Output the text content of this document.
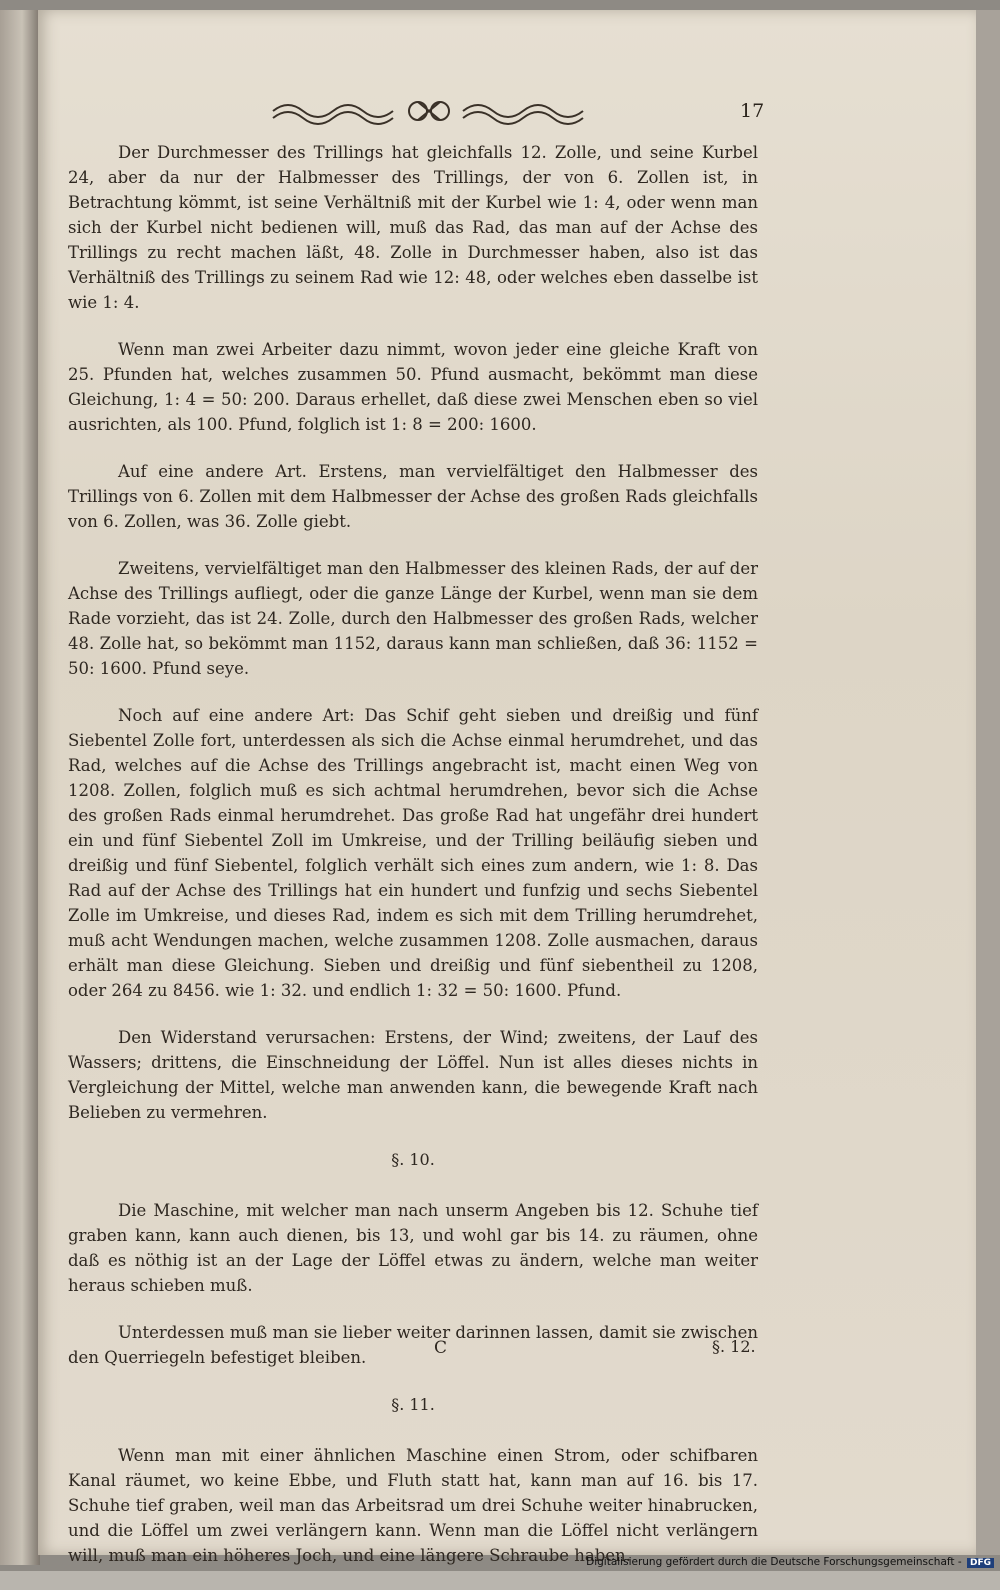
​
17

Der Durchmesser des Trillings hat gleichfalls 12. Zolle, und seine Kurbel 24, aber da nur der Halbmesser des Trillings, der von 6. Zollen ist, in Betrachtung kömmt, ist seine Verhältniß mit der Kurbel wie 1: 4, oder wenn man sich der Kurbel nicht bedienen will, muß das Rad, das man auf der Achse des Trillings zu recht machen läßt, 48. Zolle in Durchmesser haben, also ist das Verhältniß des Trillings zu seinem Rad wie 12: 48, oder welches eben dasselbe ist wie 1: 4.

Wenn man zwei Arbeiter dazu nimmt, wovon jeder eine gleiche Kraft von 25. Pfunden hat, welches zusammen 50. Pfund ausmacht, bekömmt man diese Gleichung, 1: 4 = 50: 200. Daraus erhellet, daß diese zwei Menschen eben so viel ausrichten, als 100. Pfund, folglich ist 1: 8 = 200: 1600.

Auf eine andere Art. Erstens, man vervielfältiget den Halbmesser des Trillings von 6. Zollen mit dem Halbmesser der Achse des großen Rads gleichfalls von 6. Zollen, was 36. Zolle giebt.

Zweitens, vervielfältiget man den Halbmesser des kleinen Rads, der auf der Achse des Trillings aufliegt, oder die ganze Länge der Kurbel, wenn man sie dem Rade vorzieht, das ist 24. Zolle, durch den Halbmesser des großen Rads, welcher 48. Zolle hat, so bekömmt man 1152, daraus kann man schließen, daß 36: 1152 = 50: 1600. Pfund seye.

Noch auf eine andere Art: Das Schif geht sieben und dreißig und fünf Siebentel Zolle fort, unterdessen als sich die Achse einmal herumdrehet, und das Rad, welches auf die Achse des Trillings angebracht ist, macht einen Weg von 1208. Zollen, folglich muß es sich achtmal herumdrehen, bevor sich die Achse des großen Rads einmal herumdrehet. Das große Rad hat ungefähr drei hundert ein und fünf Siebentel Zoll im Umkreise, und der Trilling beiläufig sieben und dreißig und fünf Siebentel, folglich verhält sich eines zum andern, wie 1: 8. Das Rad auf der Achse des Trillings hat ein hundert und funfzig und sechs Siebentel Zolle im Umkreise, und dieses Rad, indem es sich mit dem Trilling herumdrehet, muß acht Wendungen machen, welche zusammen 1208. Zolle ausmachen, daraus erhält man diese Gleichung. Sieben und dreißig und fünf siebentheil zu 1208, oder 264 zu 8456. wie 1: 32. und endlich 1: 32 = 50: 1600. Pfund.

Den Widerstand verursachen: Erstens, der Wind; zweitens, der Lauf des Wassers; drittens, die Einschneidung der Löffel. Nun ist alles dieses nichts in Vergleichung der Mittel, welche man anwenden kann, die bewegende Kraft nach Belieben zu vermehren.

§. 10.

Die Maschine, mit welcher man nach unserm Angeben bis 12. Schuhe tief graben kann, kann auch dienen, bis 13, und wohl gar bis 14. zu räumen, ohne daß es nöthig ist an der Lage der Löffel etwas zu ändern, welche man weiter heraus schieben muß.

Unterdessen muß man sie lieber weiter darinnen lassen, damit sie zwischen den Querriegeln befestiget bleiben.

§. 11.

Wenn man mit einer ähnlichen Maschine einen Strom, oder schifbaren Kanal räumet, wo keine Ebbe, und Fluth statt hat, kann man auf 16. bis 17. Schuhe tief graben, weil man das Arbeitsrad um drei Schuhe weiter hinabrucken, und die Löffel um zwei verlängern kann. Wenn man die Löffel nicht verlängern will, muß man ein höheres Joch, und eine längere Schraube haben.

C	§. 12.
Digitalisierung gefördert durch die Deutsche Forschungsgemeinschaft - DFG
